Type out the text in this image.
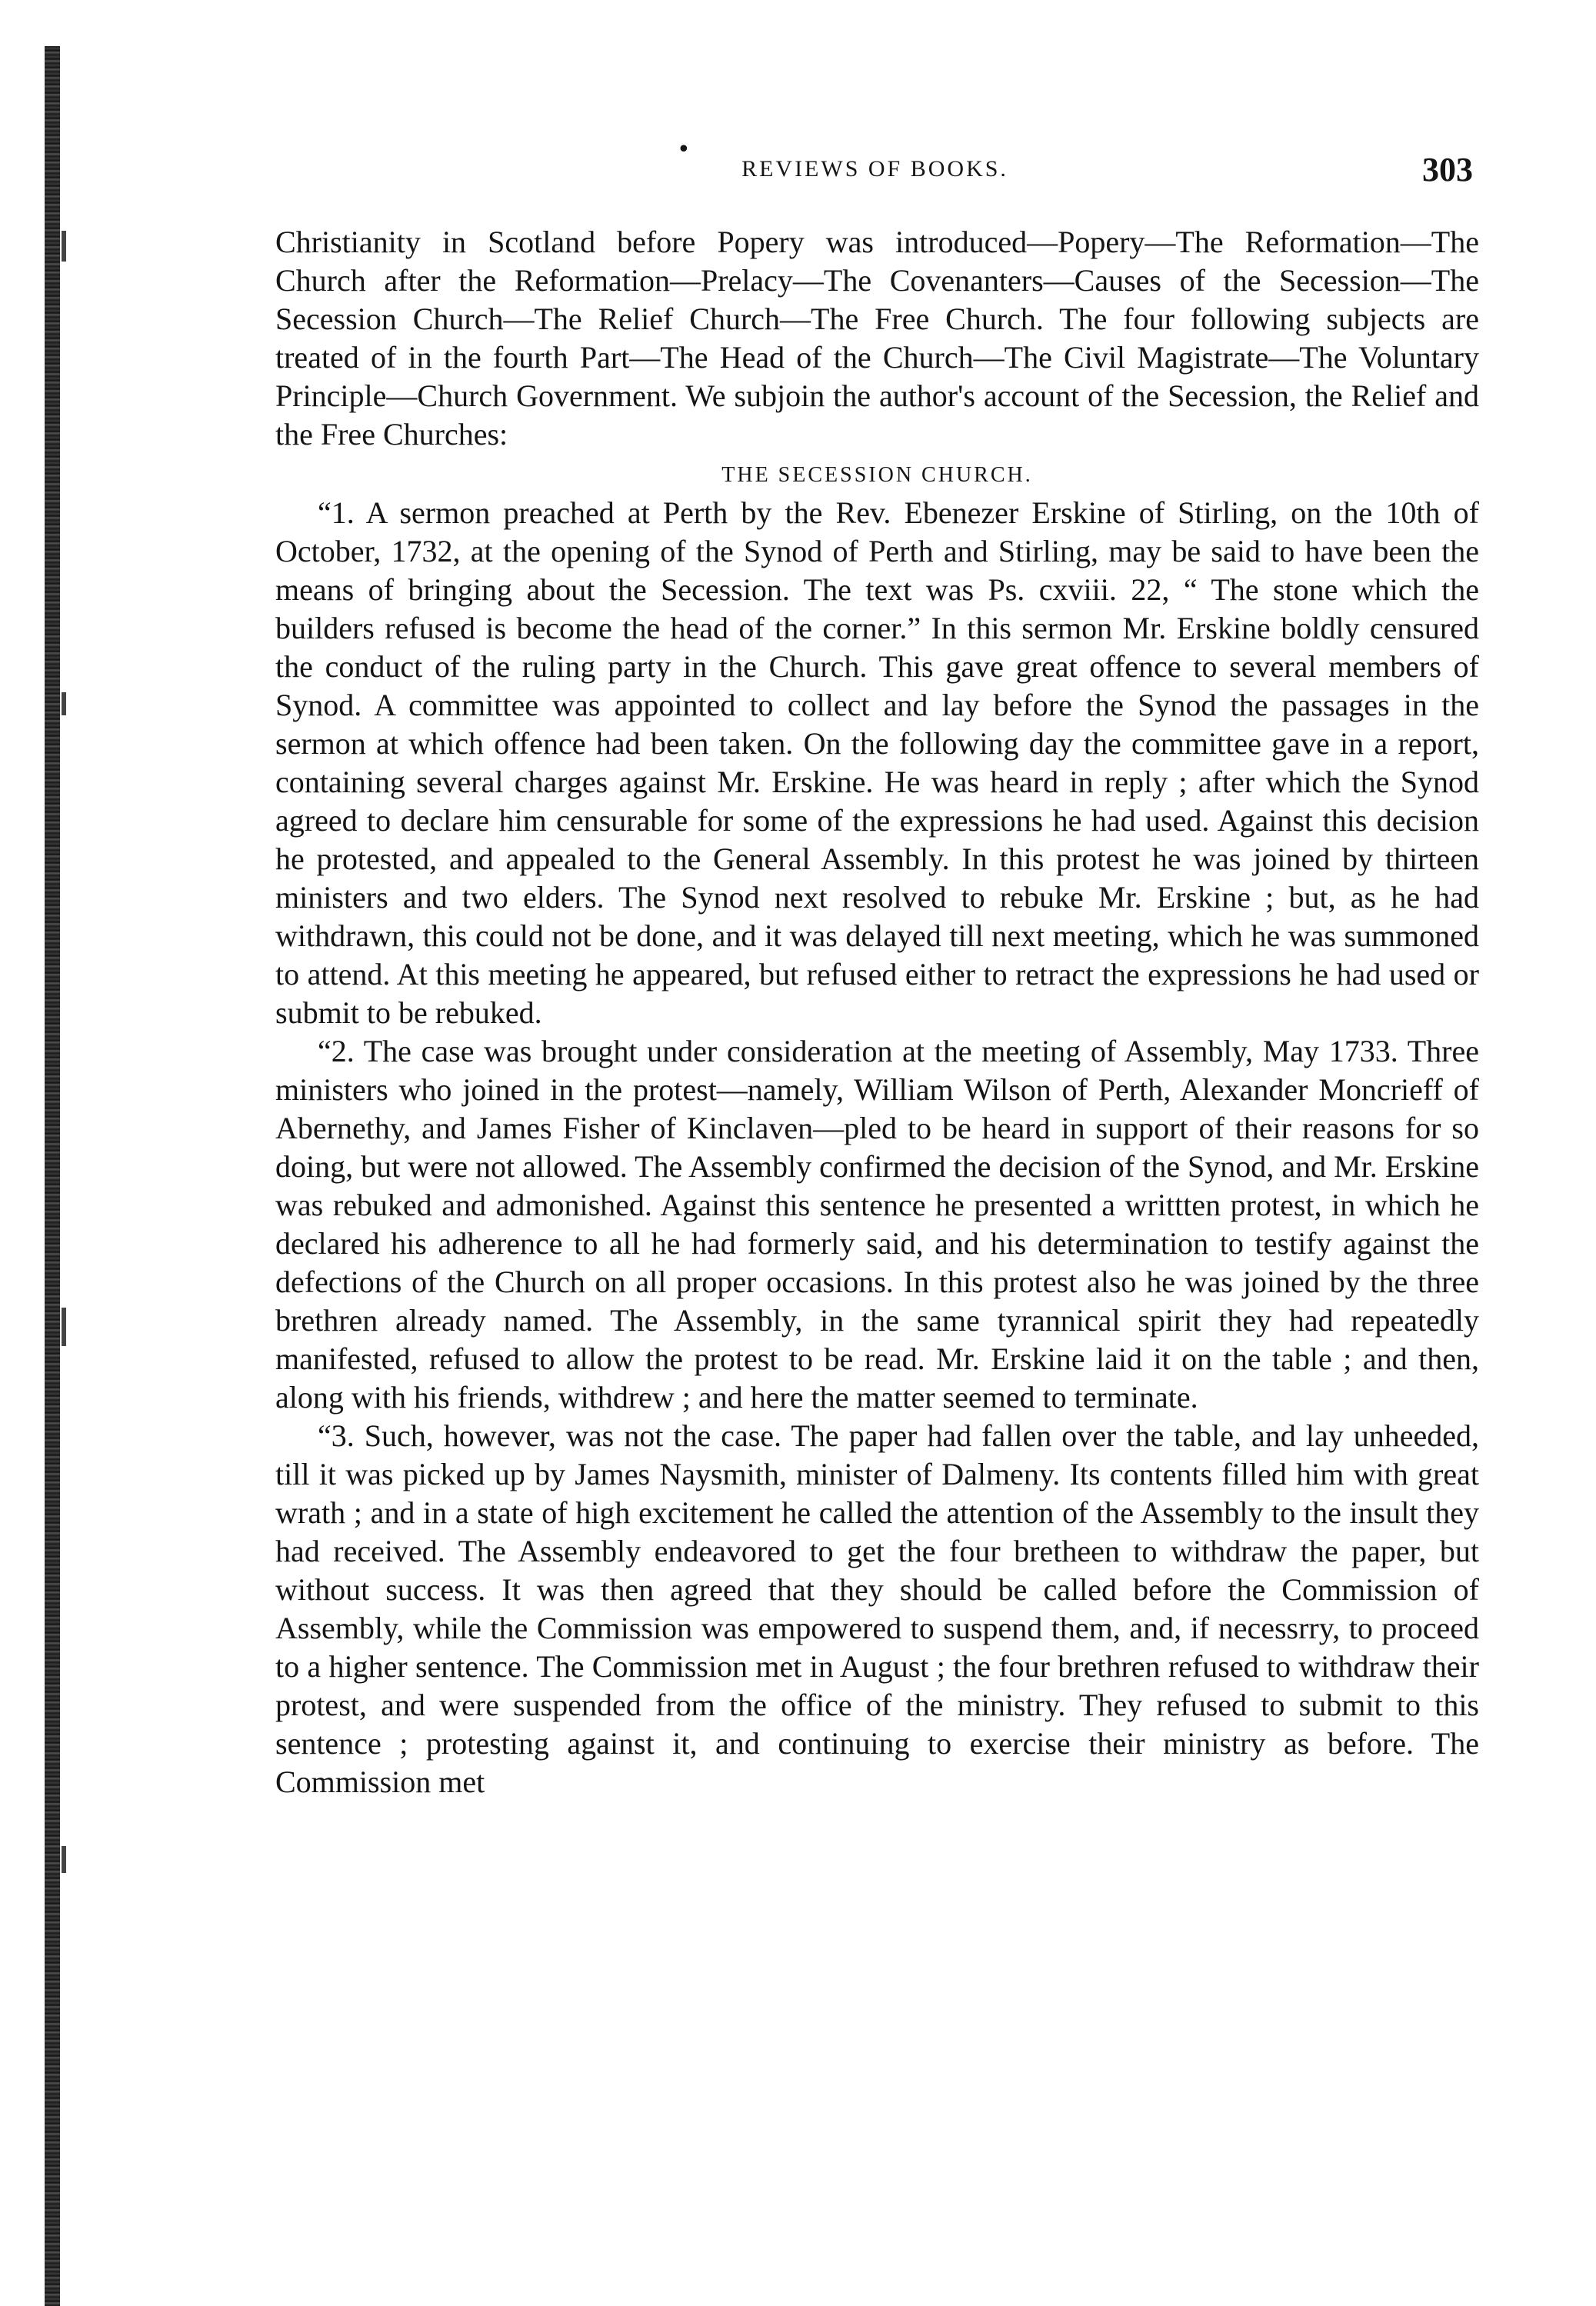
•
REVIEWS OF BOOKS.	303

Christianity in Scotland before Popery was introduced—Popery—The Reformation—The Church after the Reformation—Prelacy—The Covenanters—Causes of the Secession—The Secession Church—The Relief Church—The Free Church. The four following subjects are treated of in the fourth Part—The Head of the Church—The Civil Magistrate—The Voluntary Principle—Church Government. We subjoin the author's account of the Secession, the Relief and the Free Churches:

THE SECESSION CHURCH.

“1. A sermon preached at Perth by the Rev. Ebenezer Erskine of Stirling, on the 10th of October, 1732, at the opening of the Synod of Perth and Stirling, may be said to have been the means of bringing about the Secession. The text was Ps. cxviii. 22, “ The stone which the builders refused is become the head of the corner.” In this sermon Mr. Erskine boldly censured the conduct of the ruling party in the Church. This gave great offence to several members of Synod. A committee was appointed to collect and lay before the Synod the passages in the sermon at which offence had been taken. On the following day the committee gave in a report, containing several charges against Mr. Erskine. He was heard in reply ; after which the Synod agreed to declare him censurable for some of the expressions he had used. Against this decision he protested, and appealed to the General Assembly. In this protest he was joined by thirteen ministers and two elders. The Synod next resolved to rebuke Mr. Erskine ; but, as he had withdrawn, this could not be done, and it was delayed till next meeting, which he was summoned to attend. At this meeting he appeared, but refused either to retract the expressions he had used or submit to be rebuked.

“2. The case was brought under consideration at the meeting of Assembly, May 1733. Three ministers who joined in the protest—namely, William Wilson of Perth, Alexander Moncrieff of Abernethy, and James Fisher of Kinclaven—pled to be heard in support of their reasons for so doing, but were not allowed. The Assembly confirmed the decision of the Synod, and Mr. Erskine was rebuked and admonished. Against this sentence he presented a writtten protest, in which he declared his adherence to all he had formerly said, and his determination to testify against the defections of the Church on all proper occasions. In this protest also he was joined by the three brethren already named. The Assembly, in the same tyrannical spirit they had repeatedly manifested, refused to allow the protest to be read. Mr. Erskine laid it on the table ; and then, along with his friends, withdrew ; and here the matter seemed to terminate.

“3. Such, however, was not the case. The paper had fallen over the table, and lay unheeded, till it was picked up by James Naysmith, minister of Dalmeny. Its contents filled him with great wrath ; and in a state of high excitement he called the attention of the Assembly to the insult they had received. The Assembly endeavored to get the four bretheen to withdraw the paper, but without success. It was then agreed that they should be called before the Commission of Assembly, while the Commission was empowered to suspend them, and, if necessrry, to proceed to a higher sentence. The Commission met in August ; the four brethren refused to withdraw their protest, and were suspended from the office of the ministry. They refused to submit to this sentence ; protesting against it, and continuing to exercise their ministry as before. The Commission met
